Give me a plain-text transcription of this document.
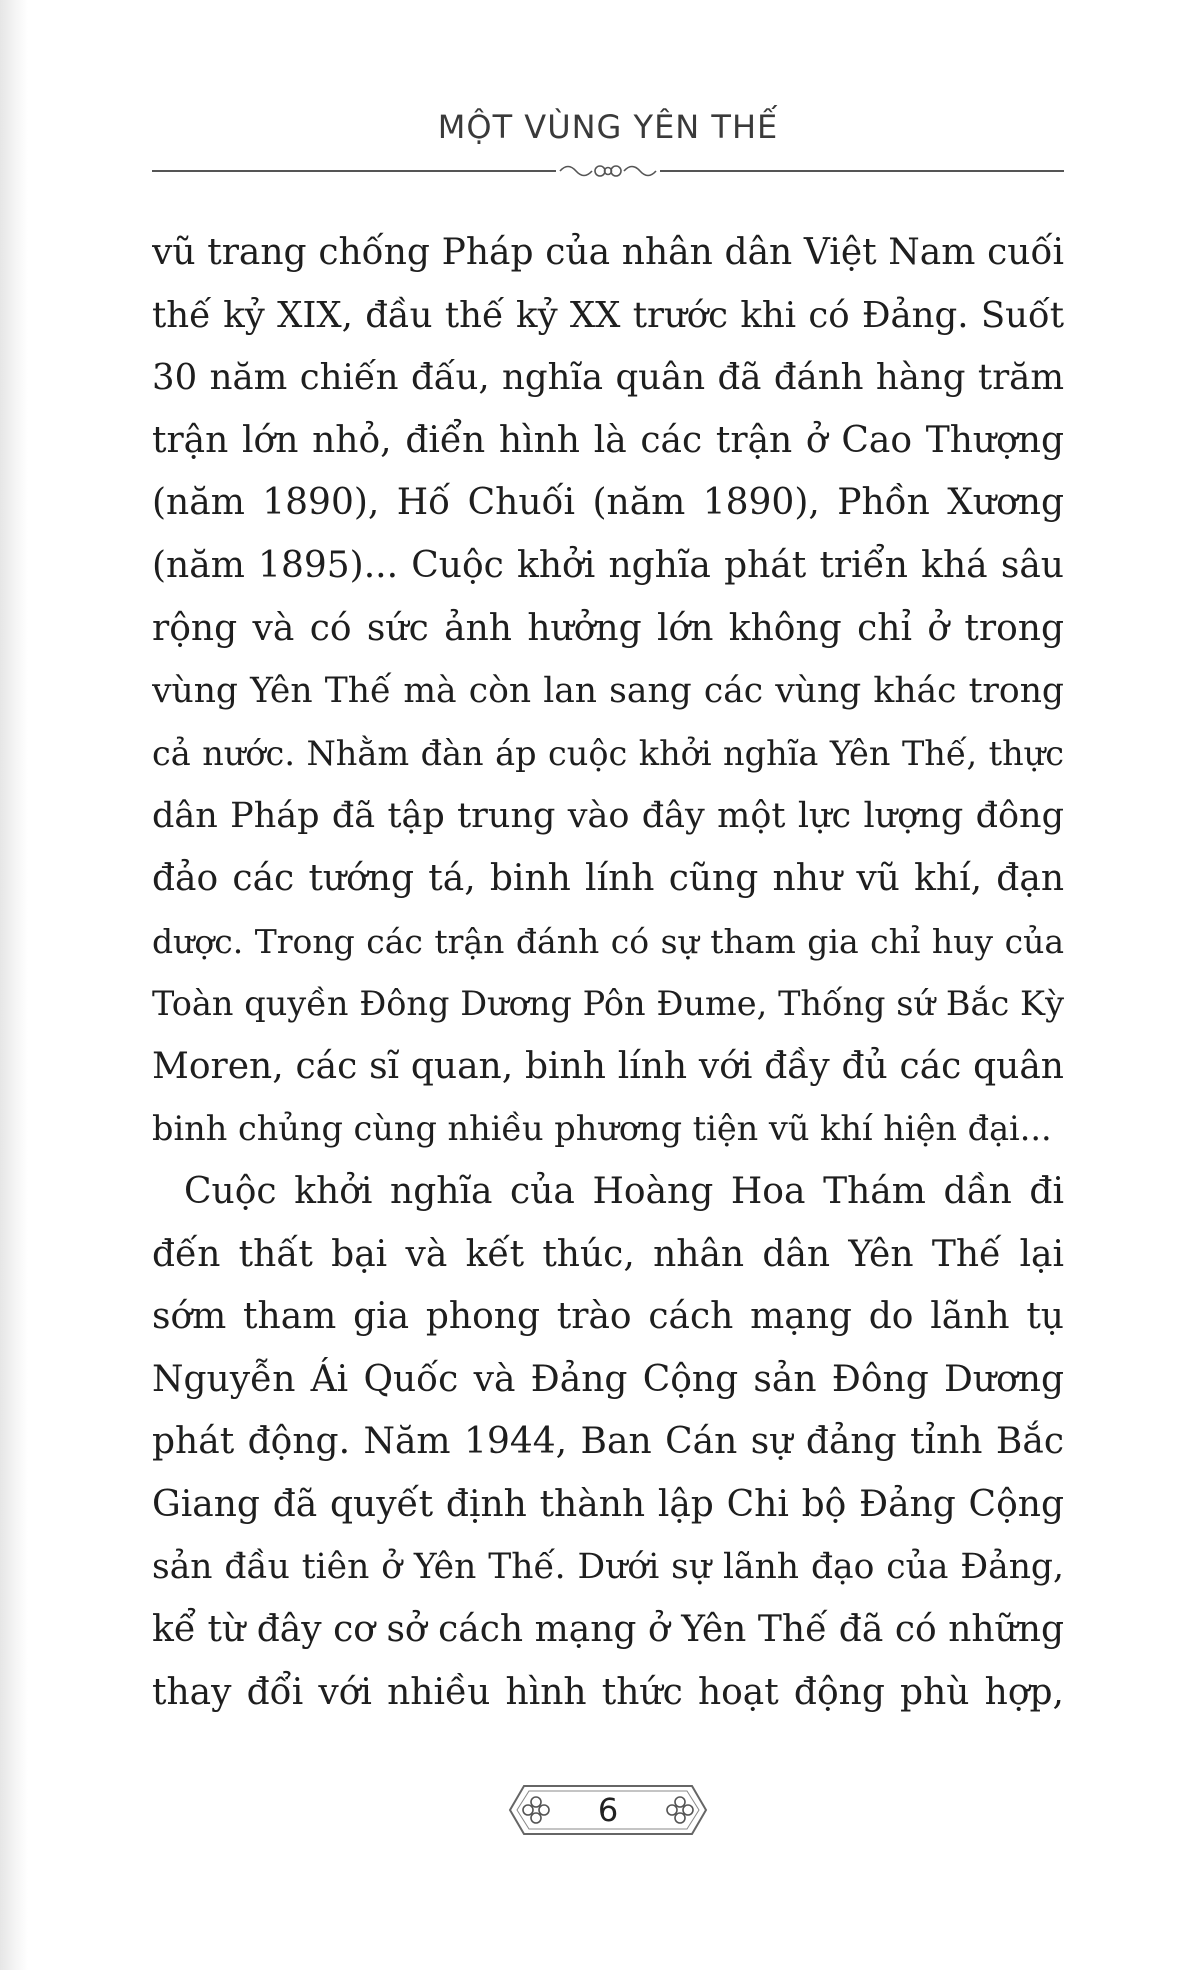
MỘT VÙNG YÊN THẾ
vũ trang chống Pháp của nhân dân Việt Nam cuối
thế kỷ XIX, đầu thế kỷ XX trước khi có Đảng. Suốt
30 năm chiến đấu, nghĩa quân đã đánh hàng trăm
trận lớn nhỏ, điển hình là các trận ở Cao Thượng
(năm 1890), Hố Chuối (năm 1890), Phồn Xương
(năm 1895)... Cuộc khởi nghĩa phát triển khá sâu
rộng và có sức ảnh hưởng lớn không chỉ ở trong
vùng Yên Thế mà còn lan sang các vùng khác trong
cả nước. Nhằm đàn áp cuộc khởi nghĩa Yên Thế, thực
dân Pháp đã tập trung vào đây một lực lượng đông
đảo các tướng tá, binh lính cũng như vũ khí, đạn
dược. Trong các trận đánh có sự tham gia chỉ huy của
Toàn quyền Đông Dương Pôn Đume, Thống sứ Bắc Kỳ
Moren, các sĩ quan, binh lính với đầy đủ các quân
binh chủng cùng nhiều phương tiện vũ khí hiện đại...
Cuộc khởi nghĩa của Hoàng Hoa Thám dần đi
đến thất bại và kết thúc, nhân dân Yên Thế lại
sớm tham gia phong trào cách mạng do lãnh tụ
Nguyễn Ái Quốc và Đảng Cộng sản Đông Dương
phát động. Năm 1944, Ban Cán sự đảng tỉnh Bắc
Giang đã quyết định thành lập Chi bộ Đảng Cộng
sản đầu tiên ở Yên Thế. Dưới sự lãnh đạo của Đảng,
kể từ đây cơ sở cách mạng ở Yên Thế đã có những
thay đổi với nhiều hình thức hoạt động phù hợp,
6
